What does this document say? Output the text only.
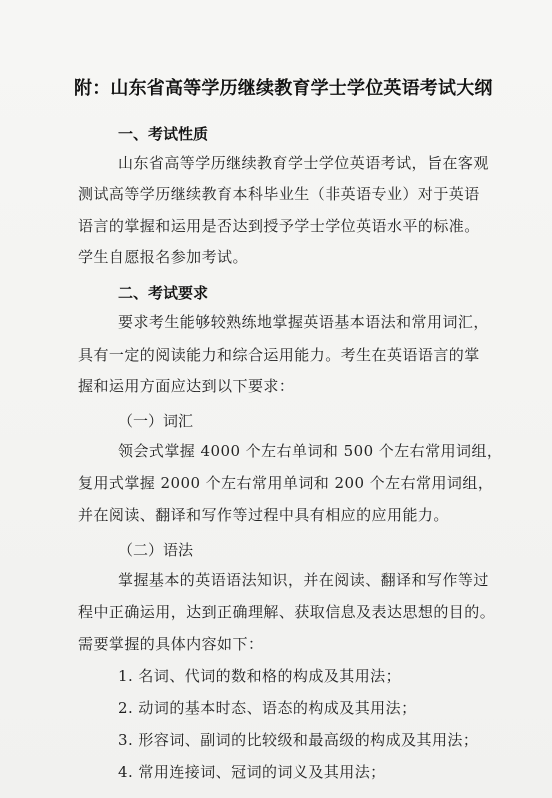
附：山东省高等学历继续教育学士学位英语考试大纲
一、考试性质
山东省高等学历继续教育学士学位英语考试，旨在客观
测试高等学历继续教育本科毕业生（非英语专业）对于英语
语言的掌握和运用是否达到授予学士学位英语水平的标准。
学生自愿报名参加考试。
二、考试要求
要求考生能够较熟练地掌握英语基本语法和常用词汇，
具有一定的阅读能力和综合运用能力。考生在英语语言的掌
握和运用方面应达到以下要求：
（一）词汇
领会式掌握 4000 个左右单词和 500 个左右常用词组，
复用式掌握 2000 个左右常用单词和 200 个左右常用词组，
并在阅读、翻译和写作等过程中具有相应的应用能力。
（二）语法
掌握基本的英语语法知识，并在阅读、翻译和写作等过
程中正确运用，达到正确理解、获取信息及表达思想的目的。
需要掌握的具体内容如下：
1. 名词、代词的数和格的构成及其用法；
2. 动词的基本时态、语态的构成及其用法；
3. 形容词、副词的比较级和最高级的构成及其用法；
4. 常用连接词、冠词的词义及其用法；
